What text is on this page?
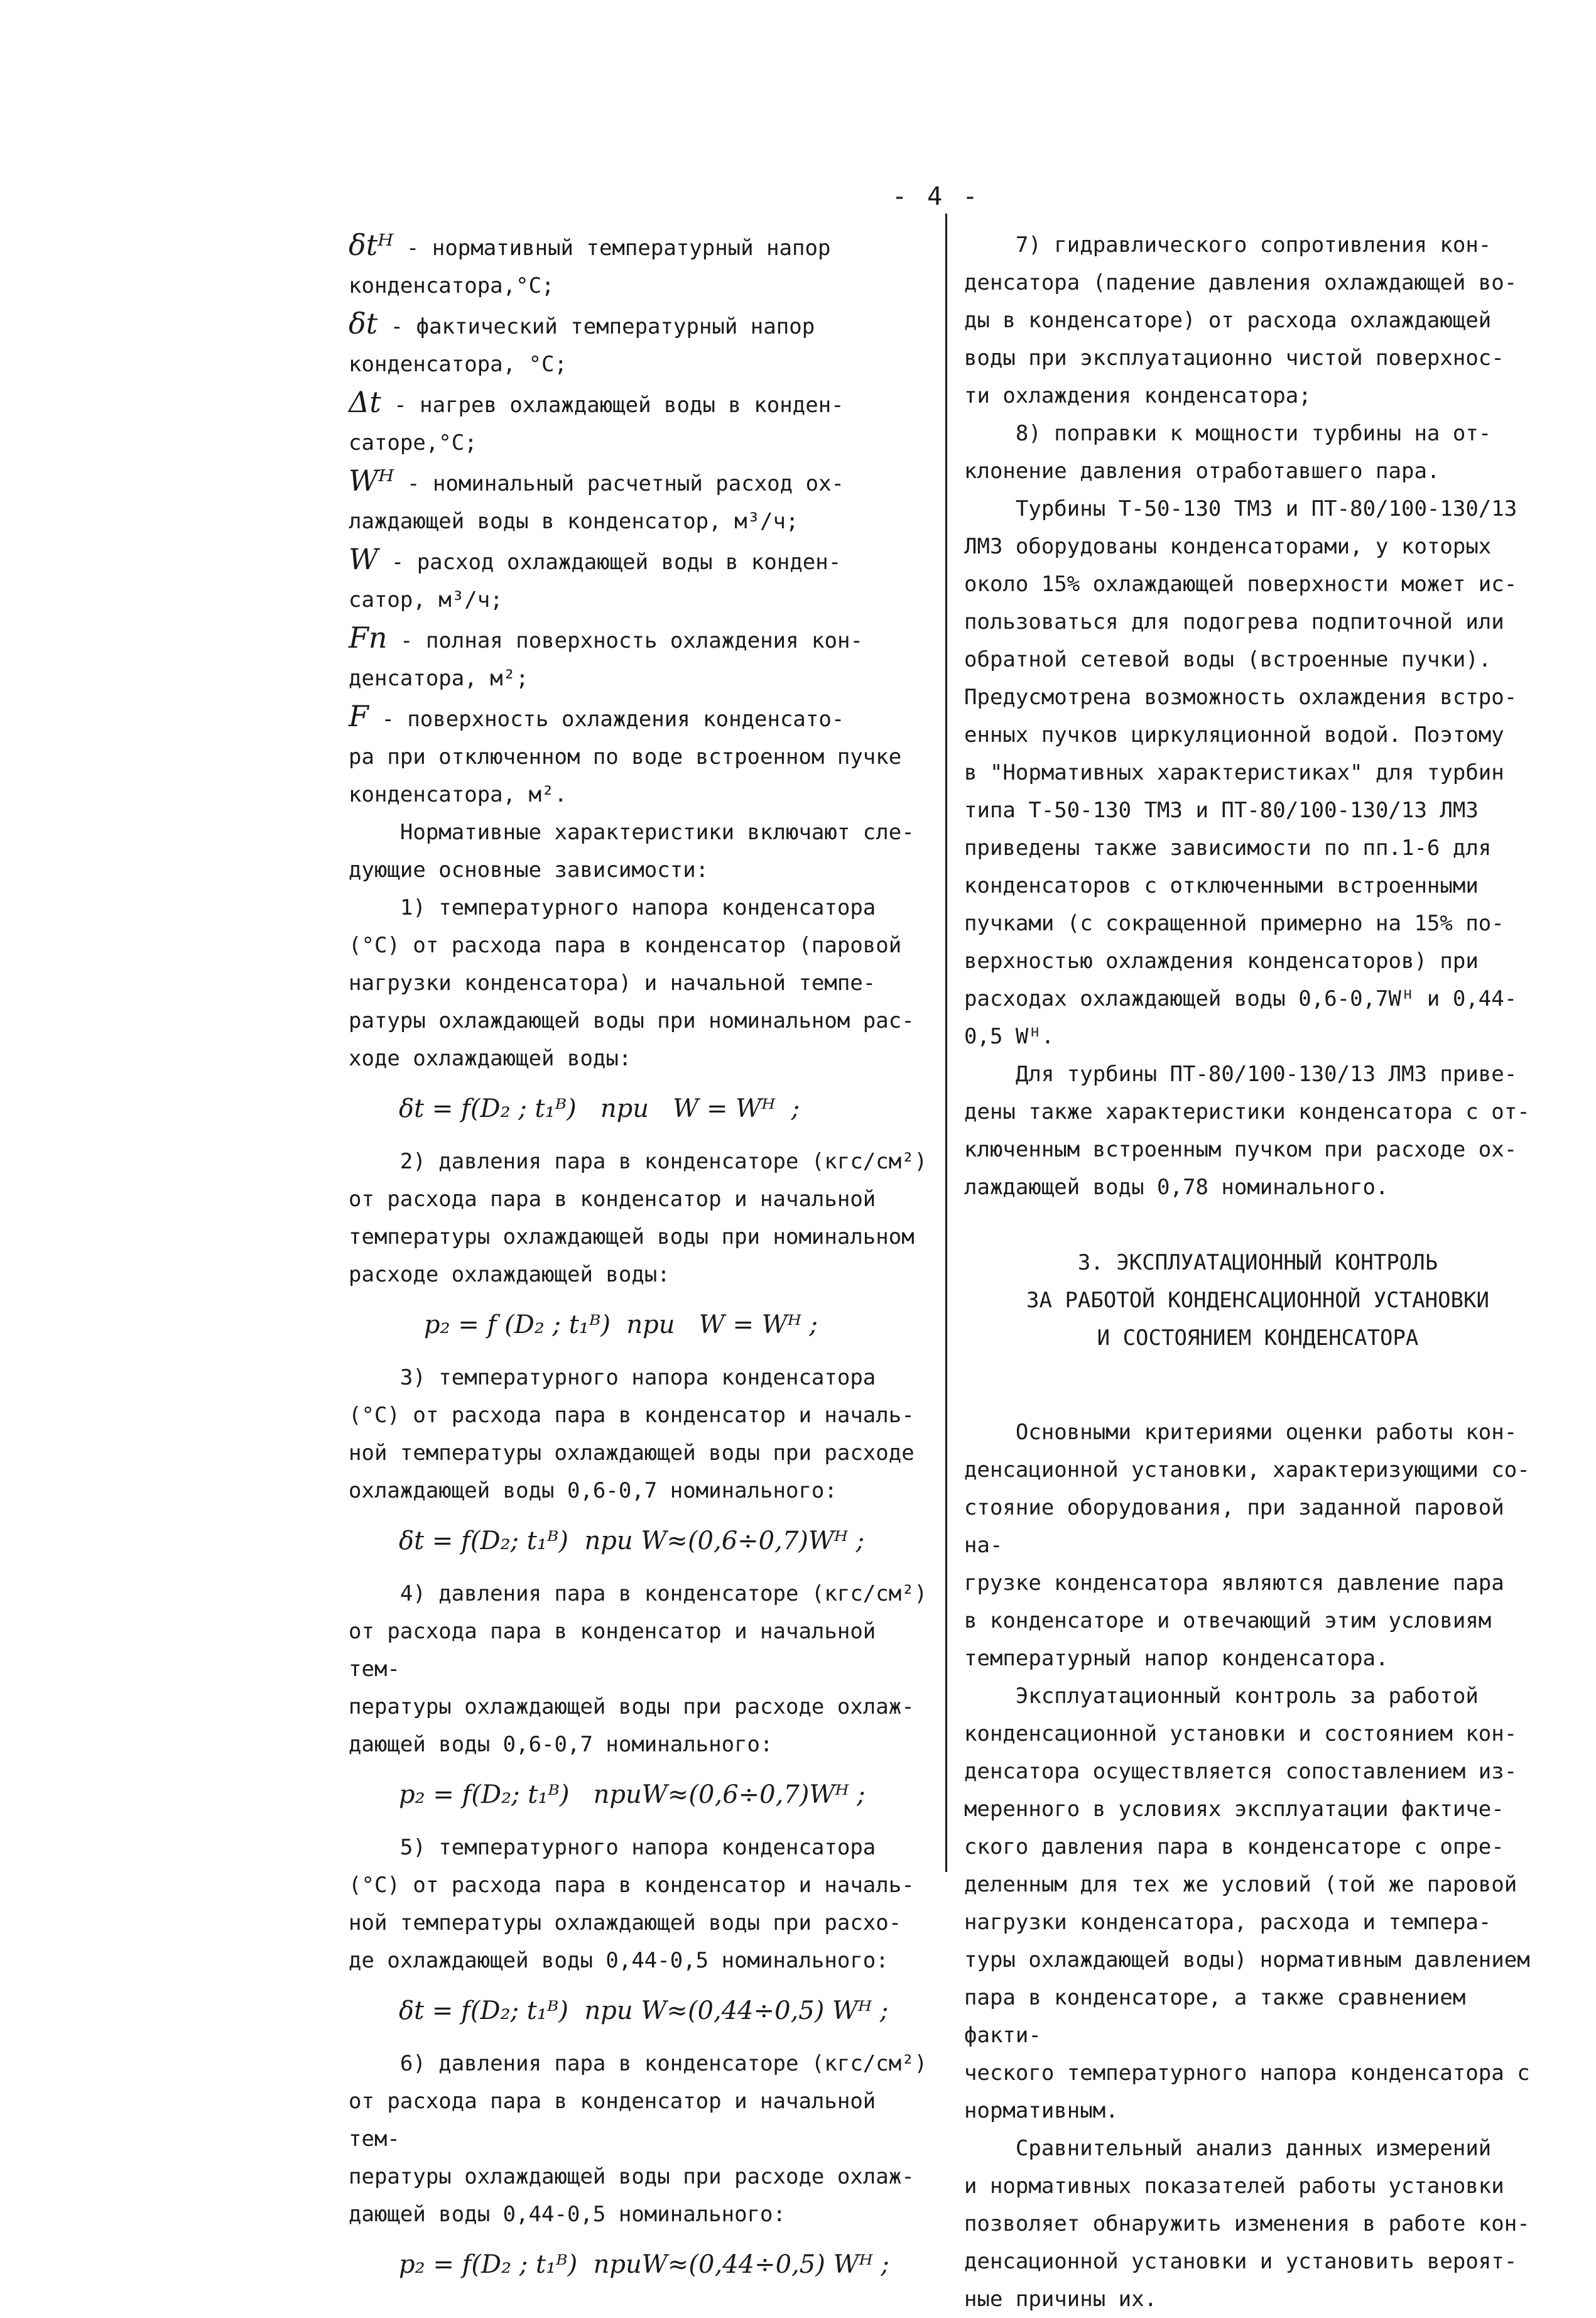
- 4 -

δtᴴ - нормативный температурный напор
конденсатора,°С;

δt - фактический температурный напор
конденсатора, °С;

Δt - нагрев охлаждающей воды в конден-
саторе,°С;

Wᴴ - номинальный расчетный расход ох-
лаждающей воды в конденсатор, м³/ч;

W - расход охлаждающей воды в конден-
сатор, м³/ч;

Fп - полная поверхность охлаждения кон-
денсатора, м²;

F - поверхность охлаждения конденсато-
ра при отключенном по воде встроенном пучке
конденсатора, м².

Нормативные характеристики включают сле-
дующие основные зависимости:

1) температурного напора конденсатора
(°С) от расхода пара в конденсатор (паровой
нагрузки конденсатора) и начальной темпе-
ратуры охлаждающей воды при номинальном рас-
ходе охлаждающей воды:

δt = f(D₂ ; t₁ᴮ)   при   W = Wᴴ  ;

2) давления пара в конденсаторе (кгс/см²)
от расхода пара в конденсатор и начальной
температуры охлаждающей воды при номинальном
расходе охлаждающей воды:

p₂ = f (D₂ ; t₁ᴮ)  при   W = Wᴴ ;

3) температурного напора конденсатора
(°С) от расхода пара в конденсатор и началь-
ной температуры охлаждающей воды при расходе
охлаждающей воды 0,6-0,7 номинального:

δt = f(D₂; t₁ᴮ)  при W≈(0,6÷0,7)Wᴴ ;

4) давления пара в конденсаторе (кгс/см²)
от расхода пара в конденсатор и начальной тем-
пературы охлаждающей воды при расходе охлаж-
дающей воды 0,6-0,7 номинального:

p₂ = f(D₂; t₁ᴮ)   приW≈(0,6÷0,7)Wᴴ ;

5) температурного напора конденсатора
(°С) от расхода пара в конденсатор и началь-
ной температуры охлаждающей воды при расхо-
де охлаждающей воды 0,44-0,5 номинального:

δt = f(D₂; t₁ᴮ)  при W≈(0,44÷0,5) Wᴴ ;

6) давления пара в конденсаторе (кгс/см²)
от расхода пара в конденсатор и начальной тем-
пературы охлаждающей воды при расходе охлаж-
дающей воды 0,44-0,5 номинального:

p₂ = f(D₂ ; t₁ᴮ)  приW≈(0,44÷0,5) Wᴴ ;

7) гидравлического сопротивления кон-
денсатора (падение давления охлаждающей во-
ды в конденсаторе) от расхода охлаждающей
воды при эксплуатационно чистой поверхнос-
ти охлаждения конденсатора;

8) поправки к мощности турбины на от-
клонение давления отработавшего пара.

Турбины Т-50-130 ТМЗ и ПТ-80/100-130/13
ЛМЗ оборудованы конденсаторами, у которых
около 15% охлаждающей поверхности может ис-
пользоваться для подогрева подпиточной или
обратной сетевой воды (встроенные пучки).
Предусмотрена возможность охлаждения встро-
енных пучков циркуляционной водой. Поэтому
в "Нормативных характеристиках" для турбин
типа Т-50-130 ТМЗ и ПТ-80/100-130/13 ЛМЗ
приведены также зависимости по пп.1-6 для
конденсаторов с отключенными встроенными
пучками (с сокращенной примерно на 15% по-
верхностью охлаждения конденсаторов) при
расходах охлаждающей воды 0,6-0,7Wᴴ и 0,44-
0,5 Wᴴ.

Для турбины ПТ-80/100-130/13 ЛМЗ приве-
дены также характеристики конденсатора с от-
ключенным встроенным пучком при расходе ох-
лаждающей воды 0,78 номинального.

3. ЭКСПЛУАТАЦИОННЫЙ КОНТРОЛЬ
ЗА РАБОТОЙ КОНДЕНСАЦИОННОЙ УСТАНОВКИ
И СОСТОЯНИЕМ КОНДЕНСАТОРА

Основными критериями оценки работы кон-
денсационной установки, характеризующими со-
стояние оборудования, при заданной паровой на-
грузке конденсатора являются давление пара
в конденсаторе и отвечающий этим условиям
температурный напор конденсатора.

Эксплуатационный контроль за работой
конденсационной установки и состоянием кон-
денсатора осуществляется сопоставлением из-
меренного в условиях эксплуатации фактиче-
ского давления пара в конденсаторе с опре-
деленным для тех же условий (той же паровой
нагрузки конденсатора, расхода и темпера-
туры охлаждающей воды) нормативным давлением
пара в конденсаторе, а также сравнением факти-
ческого температурного напора конденсатора с
нормативным.

Сравнительный анализ данных измерений
и нормативных показателей работы установки
позволяет обнаружить изменения в работе кон-
денсационной установки и установить вероят-
ные причины их.
